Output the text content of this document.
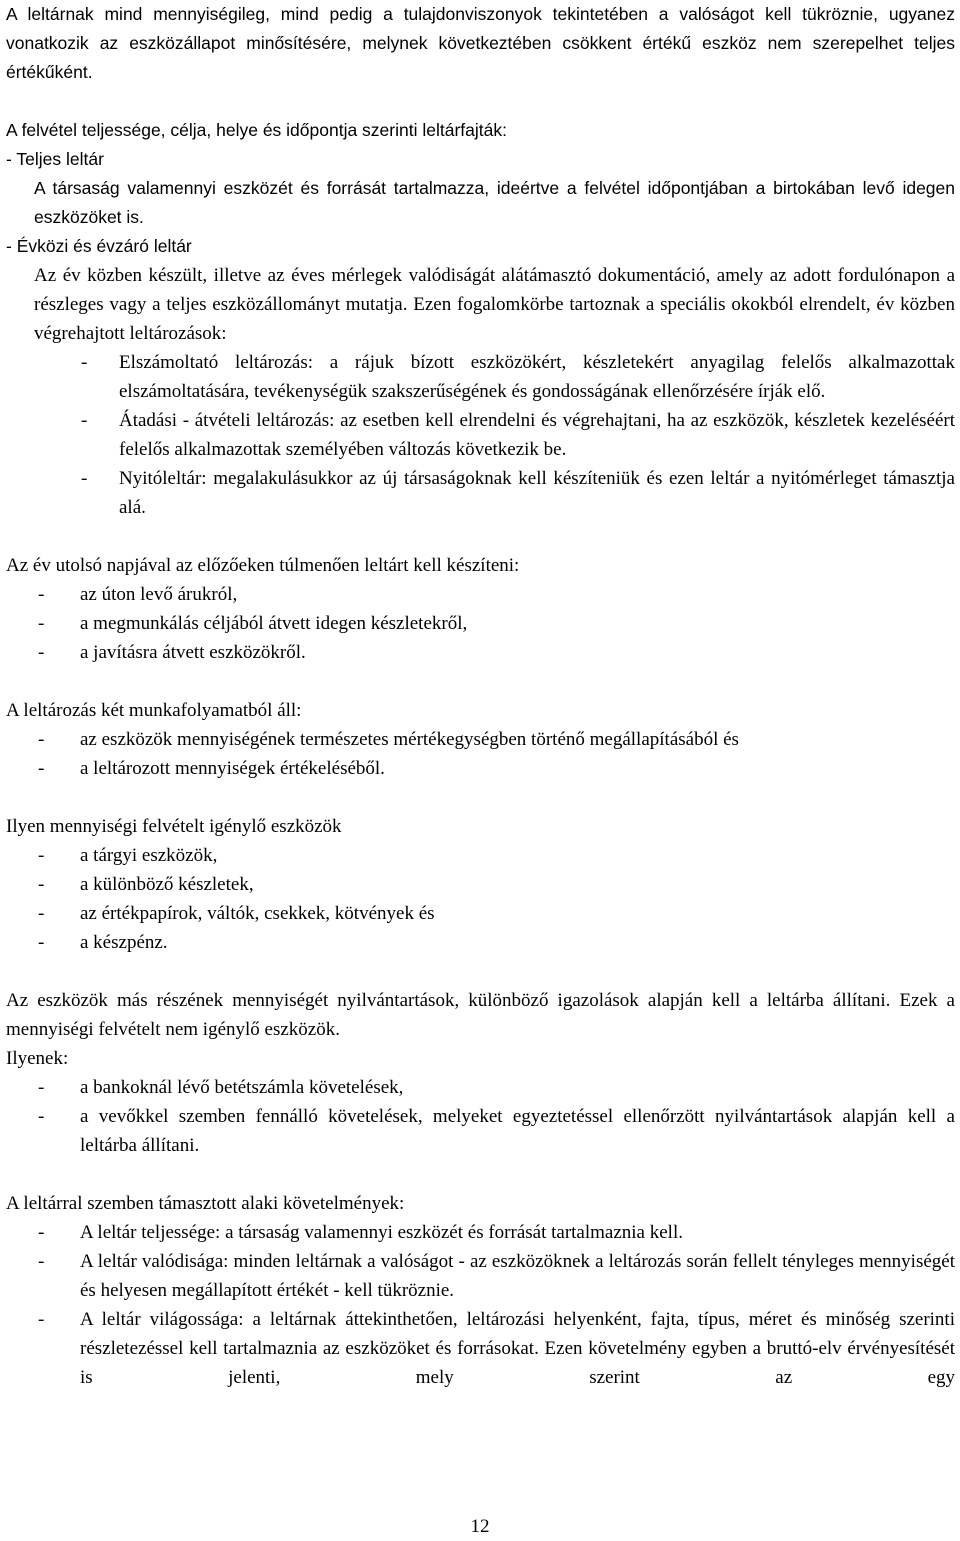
A leltárnak mind mennyiségileg, mind pedig a tulajdonviszonyok tekintetében a valóságot kell tükröznie, ugyanez vonatkozik az eszközállapot minősítésére, melynek következtében csökkent értékű eszköz nem szerepelhet teljes értékűként.

A felvétel teljessége, célja, helye és időpontja szerinti leltárfajták:

- Teljes leltár

A társaság valamennyi eszközét és forrását tartalmazza, ideértve a felvétel időpontjában a birtokában levő idegen eszközöket is.

- Évközi és évzáró leltár

Az év közben készült, illetve az éves mérlegek valódiságát alátámasztó dokumentáció, amely az adott fordulónapon a részleges vagy a teljes eszközállományt mutatja. Ezen fogalomkörbe tartoznak a speciális okokból elrendelt, év közben végrehajtott leltározások:

-	Elszámoltató leltározás: a rájuk bízott eszközökért, készletekért anyagilag felelős alkalmazottak elszámoltatására, tevékenységük szakszerűségének és gondosságának ellenőrzésére írják elő.
-	Átadási - átvételi leltározás: az esetben kell elrendelni és végrehajtani, ha az eszközök, készletek kezeléséért felelős alkalmazottak személyében változás következik be.
-	Nyitóleltár: megalakulásukkor az új társaságoknak kell készíteniük és ezen leltár a nyitómérleget támasztja alá.

Az év utolsó napjával az előzőeken túlmenően leltárt kell készíteni:

-	az úton levő árukról,
-	a megmunkálás céljából átvett idegen készletekről,
-	a javításra átvett eszközökről.

A leltározás két munkafolyamatból áll:

-	az eszközök mennyiségének természetes mértékegységben történő megállapításából és
-	a leltározott mennyiségek értékeléséből.

Ilyen mennyiségi felvételt igénylő eszközök

-	a tárgyi eszközök,
-	a különböző készletek,
-	az értékpapírok, váltók, csekkek, kötvények és
-	a készpénz.

Az eszközök más részének mennyiségét nyilvántartások, különböző igazolások alapján kell a leltárba állítani. Ezek a mennyiségi felvételt nem igénylő eszközök.

Ilyenek:

-	a bankoknál lévő betétszámla követelések,
-	a vevőkkel szemben fennálló követelések, melyeket egyeztetéssel ellenőrzött nyilvántartások alapján kell a leltárba állítani.

A leltárral szemben támasztott alaki követelmények:

-	A leltár teljessége: a társaság valamennyi eszközét és forrását tartalmaznia kell.
-	A leltár valódisága: minden leltárnak a valóságot - az eszközöknek a leltározás során fellelt tényleges mennyiségét és helyesen megállapított értékét - kell tükröznie.
-	A leltár világossága: a leltárnak áttekinthetően, leltározási helyenként, fajta, típus, méret és minőség szerinti részletezéssel kell tartalmaznia az eszközöket és forrásokat. Ezen követelmény egyben a bruttó-elv érvényesítését is jelenti, mely szerint az egy
12
